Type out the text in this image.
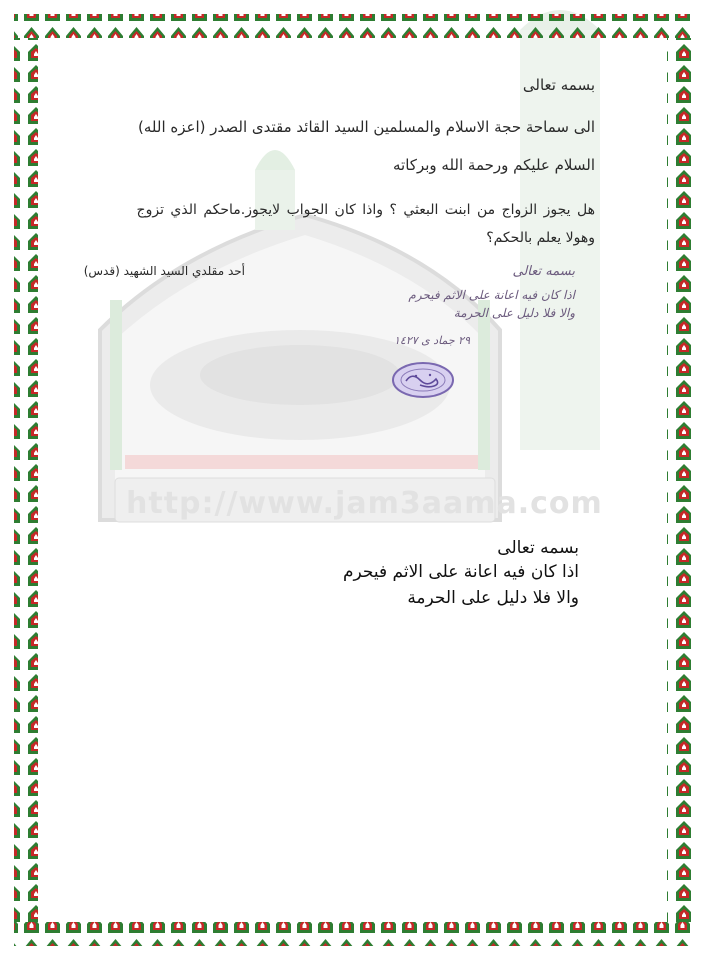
http://www.jam3aama.com
بسمه تعالى
الى سماحة حجة الاسلام والمسلمين السيد القائد مقتدى الصدر (اعزه الله)
السلام عليكم ورحمة الله وبركاته
هل يجوز الزواج من ابنت البعثي ؟ واذا كان الجواب لايجوز.ماحكم الذي تزوج
وهولا يعلم بالحكم؟
أحد مقلدي السيد الشهيد (قدس)	بسمه تعالى
اذا كان فيه اعانة على الاثم فيحرم
والا فلا دليل على الحرمة
٢٩ جماد ى ١٤٢٧
بسمه تعالى
اذا كان فيه اعانة على الاثم فيحرم
والا فلا دليل على الحرمة
